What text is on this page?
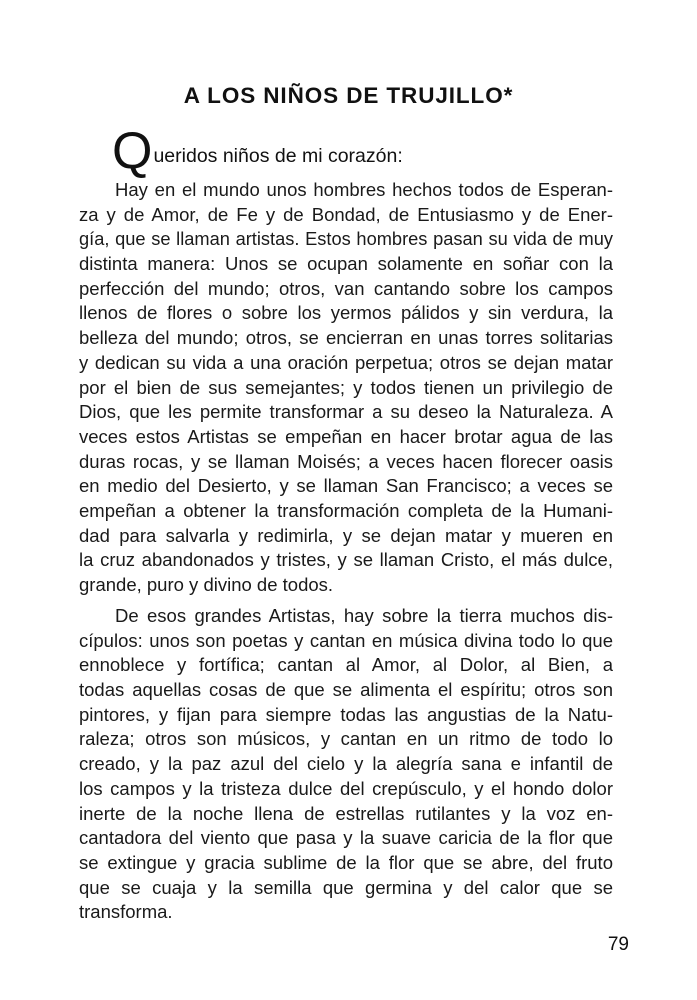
A LOS NIÑOS DE TRUJILLO*
Queridos niños de mi corazón:
Hay en el mundo unos hombres hechos todos de Esperan-
za y de Amor, de Fe y de Bondad, de Entusiasmo y de Ener-
gía, que se llaman artistas. Estos hombres pasan su vida de muy
distinta manera: Unos se ocupan solamente en soñar con la
perfección del mundo; otros, van cantando sobre los campos
llenos de flores o sobre los yermos pálidos y sin verdura, la
belleza del mundo; otros, se encierran en unas torres solitarias
y dedican su vida a una oración perpetua; otros se dejan matar
por el bien de sus semejantes; y todos tienen un privilegio de
Dios, que les permite transformar a su deseo la Naturaleza. A
veces estos Artistas se empeñan en hacer brotar agua de las
duras rocas, y se llaman Moisés; a veces hacen florecer oasis
en medio del Desierto, y se llaman San Francisco; a veces se
empeñan a obtener la transformación completa de la Humani-
dad para salvarla y redimirla, y se dejan matar y mueren en
la cruz abandonados y tristes, y se llaman Cristo, el más dulce,
grande, puro y divino de todos.
De esos grandes Artistas, hay sobre la tierra muchos dis-
cípulos: unos son poetas y cantan en música divina todo lo que
ennoblece y fortífica; cantan al Amor, al Dolor, al Bien, a
todas aquellas cosas de que se alimenta el espíritu; otros son
pintores, y fijan para siempre todas las angustias de la Natu-
raleza; otros son músicos, y cantan en un ritmo de todo lo
creado, y la paz azul del cielo y la alegría sana e infantil de
los campos y la tristeza dulce del crepúsculo, y el hondo dolor
inerte de la noche llena de estrellas rutilantes y la voz en-
cantadora del viento que pasa y la suave caricia de la flor que
se extingue y gracia sublime de la flor que se abre, del fruto
que se cuaja y la semilla que germina y del calor que se
transforma.
79
